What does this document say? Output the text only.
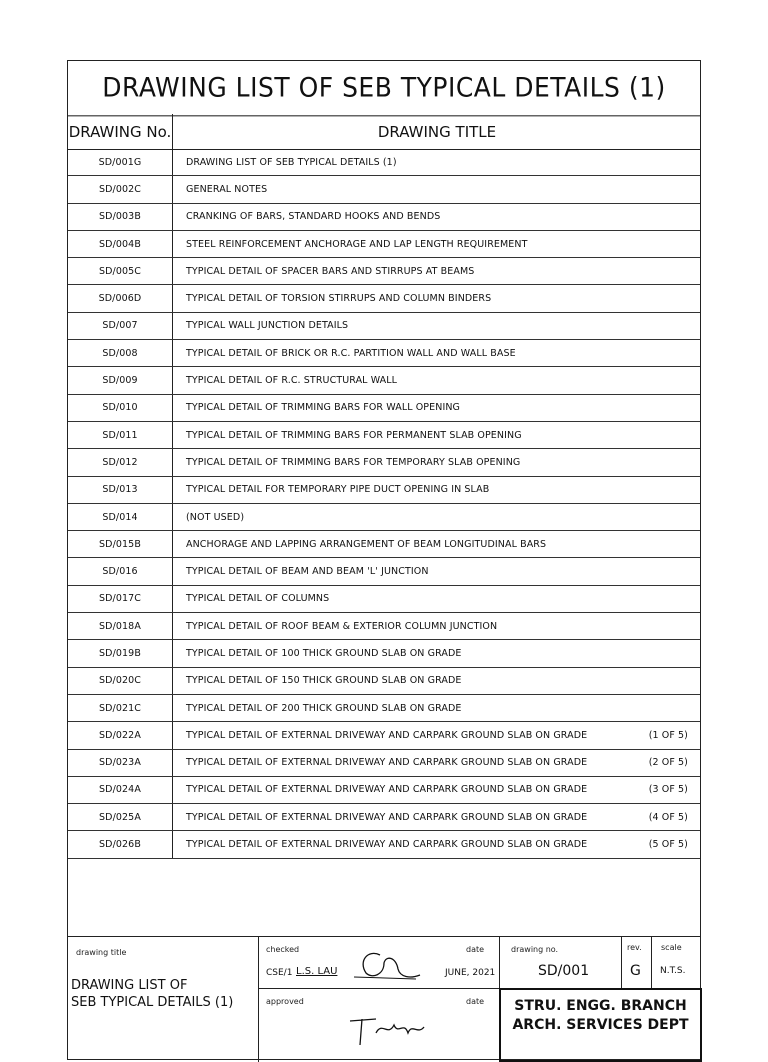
DRAWING LIST OF SEB TYPICAL DETAILS (1)
DRAWING No.	DRAWING TITLE
SD/001G	DRAWING LIST OF SEB TYPICAL DETAILS (1)
SD/002C	GENERAL NOTES
SD/003B	CRANKING OF BARS, STANDARD HOOKS AND BENDS
SD/004B	STEEL REINFORCEMENT ANCHORAGE AND LAP LENGTH REQUIREMENT
SD/005C	TYPICAL DETAIL OF SPACER BARS AND STIRRUPS AT BEAMS
SD/006D	TYPICAL DETAIL OF TORSION STIRRUPS AND COLUMN BINDERS
SD/007	TYPICAL WALL JUNCTION DETAILS
SD/008	TYPICAL DETAIL OF BRICK OR R.C. PARTITION WALL AND WALL BASE
SD/009	TYPICAL DETAIL OF R.C. STRUCTURAL WALL
SD/010	TYPICAL DETAIL OF TRIMMING BARS FOR WALL OPENING
SD/011	TYPICAL DETAIL OF TRIMMING BARS FOR PERMANENT SLAB OPENING
SD/012	TYPICAL DETAIL OF TRIMMING BARS FOR TEMPORARY SLAB OPENING
SD/013	TYPICAL DETAIL FOR TEMPORARY PIPE DUCT OPENING IN SLAB
SD/014	(NOT USED)
SD/015B	ANCHORAGE AND LAPPING ARRANGEMENT OF BEAM LONGITUDINAL BARS
SD/016	TYPICAL DETAIL OF BEAM AND BEAM 'L' JUNCTION
SD/017C	TYPICAL DETAIL OF COLUMNS
SD/018A	TYPICAL DETAIL OF ROOF BEAM & EXTERIOR COLUMN JUNCTION
SD/019B	TYPICAL DETAIL OF 100 THICK GROUND SLAB ON GRADE
SD/020C	TYPICAL DETAIL OF 150 THICK GROUND SLAB ON GRADE
SD/021C	TYPICAL DETAIL OF 200 THICK GROUND SLAB ON GRADE
SD/022A	TYPICAL DETAIL OF EXTERNAL DRIVEWAY AND CARPARK GROUND SLAB ON GRADE	(1 OF 5)
SD/023A	TYPICAL DETAIL OF EXTERNAL DRIVEWAY AND CARPARK GROUND SLAB ON GRADE	(2 OF 5)
SD/024A	TYPICAL DETAIL OF EXTERNAL DRIVEWAY AND CARPARK GROUND SLAB ON GRADE	(3 OF 5)
SD/025A	TYPICAL DETAIL OF EXTERNAL DRIVEWAY AND CARPARK GROUND SLAB ON GRADE	(4 OF 5)
SD/026B	TYPICAL DETAIL OF EXTERNAL DRIVEWAY AND CARPARK GROUND SLAB ON GRADE	(5 OF 5)
drawing title
DRAWING LIST OF
SEB TYPICAL DETAILS (1)
checked	date
CSE/1 L.S. LAU	JUNE, 2021
approved	date
drawing no.
SD/001
rev.
G
scale
N.T.S.
STRU. ENGG. BRANCH
ARCH. SERVICES DEPT
